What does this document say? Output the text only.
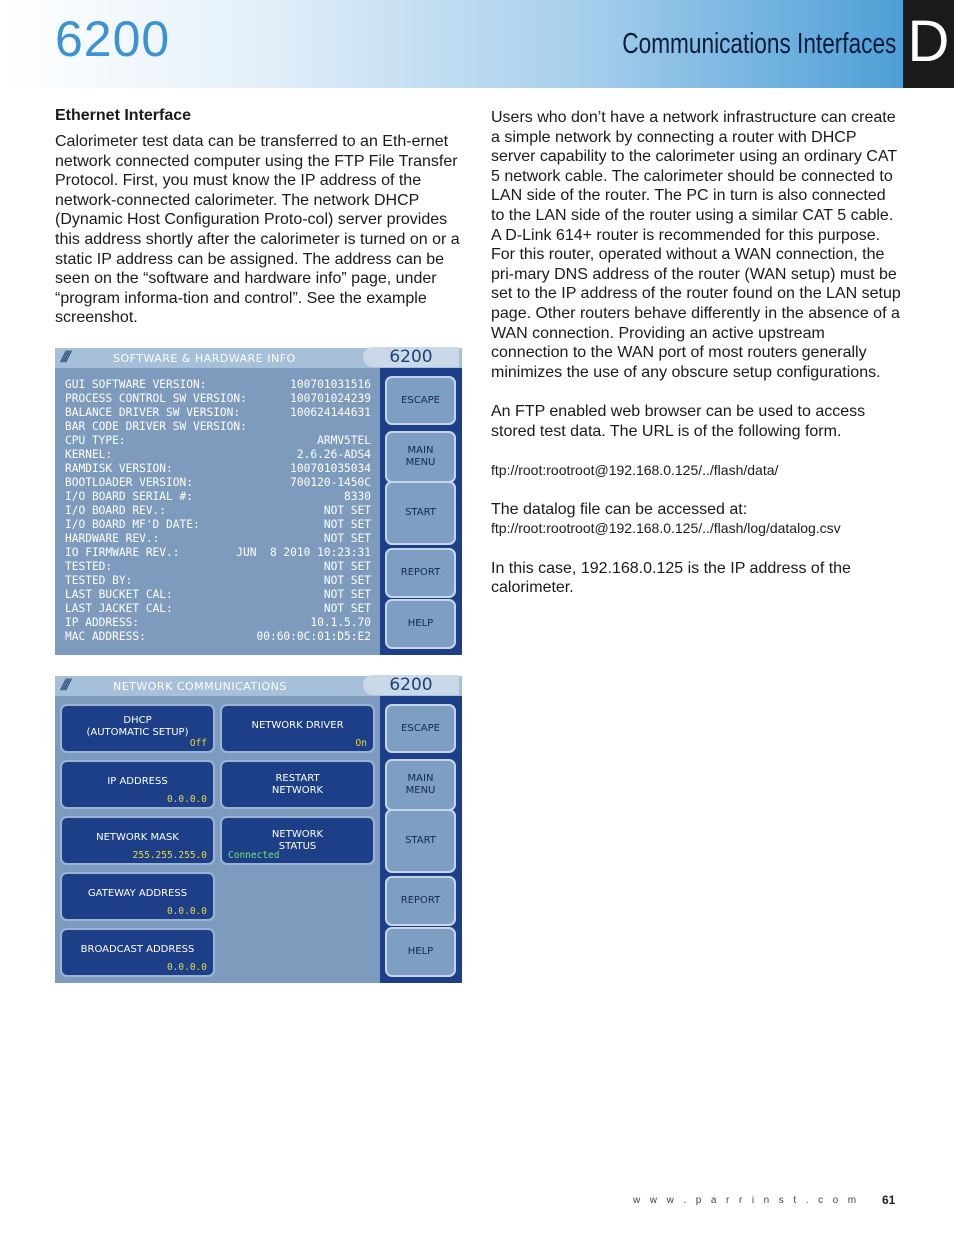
6200	Communications Interfaces D
Ethernet Interface

Calorimeter test data can be transferred to an Eth-ernet network connected computer using the FTP File Transfer Protocol. First, you must know the IP address of the network-connected calorimeter. The network DHCP (Dynamic Host Configuration Proto-col) server provides this address shortly after the calorimeter is turned on or a static IP address can be assigned. The address can be seen on the “software and hardware info” page, under “program informa-tion and control”. See the example screenshot.

////	SOFTWARE & HARDWARE INFO	6200
GUI SOFTWARE VERSION:	100701031516
PROCESS CONTROL SW VERSION:	100701024239
BALANCE DRIVER SW VERSION:	100624144631
BAR CODE DRIVER SW VERSION:
CPU TYPE:	ARMV5TEL
KERNEL:	2.6.26-ADS4
RAMDISK VERSION:	100701035034
BOOTLOADER VERSION:	700120-1450C
I/O BOARD SERIAL #:	8330
I/O BOARD REV.:	NOT SET
I/O BOARD MF'D DATE:	NOT SET
HARDWARE REV.:	NOT SET
IO FIRMWARE REV.:	JUN  8 2010 10:23:31
TESTED:	NOT SET
TESTED BY:	NOT SET
LAST BUCKET CAL:	NOT SET
LAST JACKET CAL:	NOT SET
IP ADDRESS:	10.1.5.70
MAC ADDRESS:	00:60:0C:01:D5:E2
ESCAPE
MAIN
MENU
START
REPORT
HELP
////	NETWORK COMMUNICATIONS	6200
DHCP
(AUTOMATIC SETUP)
Off
IP ADDRESS
0.0.0.0
NETWORK MASK
255.255.255.0
GATEWAY ADDRESS
0.0.0.0
BROADCAST ADDRESS
0.0.0.0
NETWORK DRIVER
On
RESTART
NETWORK
NETWORK
STATUS
Connected
ESCAPE
MAIN
MENU
START
REPORT
HELP

Users who don’t have a network infrastructure can create a simple network by connecting a router with DHCP server capability to the calorimeter using an ordinary CAT 5 network cable. The calorimeter should be connected to LAN side of the router. The PC in turn is also connected to the LAN side of the router using a similar CAT 5 cable. A D-Link 614+ router is recommended for this purpose. For this router, operated without a WAN connection, the pri-mary DNS address of the router (WAN setup) must be set to the IP address of the router found on the LAN setup page. Other routers behave differently in the absence of a WAN connection. Providing an active upstream connection to the WAN port of most routers generally minimizes the use of any obscure setup configurations.

An FTP enabled web browser can be used to access stored test data. The URL is of the following form.

ftp://root:rootroot@192.168.0.125/../flash/data/

The datalog file can be accessed at:

ftp://root:rootroot@192.168.0.125/../flash/log/datalog.csv

In this case, 192.168.0.125 is the IP address of the calorimeter.

w w w . p a r r i n s t . c o m 61
